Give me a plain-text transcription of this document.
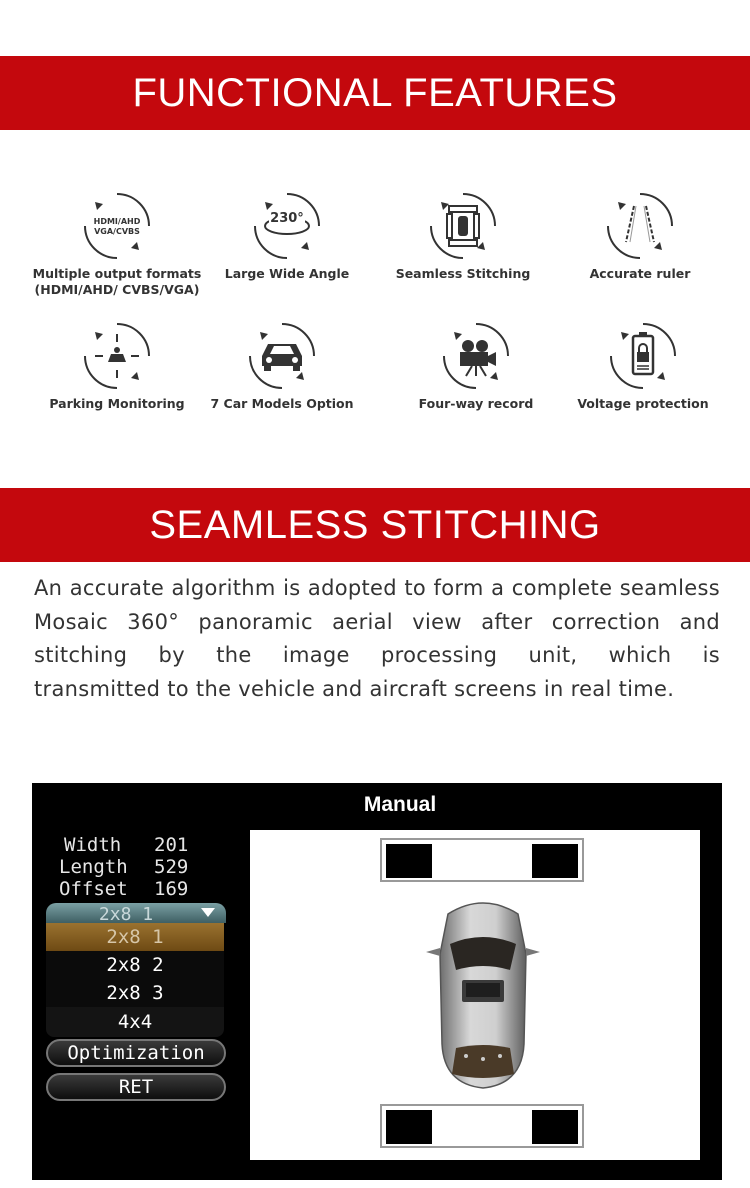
FUNCTIONAL FEATURES
HDMI/AHD
VGA/CVBS
Multiple output formats
(HDMI/AHD/ CVBS/VGA)
230°
Large Wide Angle	Seamless Stitching	Accurate ruler
Parking Monitoring	7 Car Models Option	Four-way record	Voltage protection
SEAMLESS STITCHING
An accurate algorithm is adopted to form a complete seamless Mosaic 360° panoramic aerial view after correction and stitching by the image processing unit, which is
transmitted to the vehicle and aircraft screens in real time.
Manual
Width 201
Length 529
Offset 169
2x8 1
2x8 1
2x8 2
2x8 3
4x4
Optimization
RET
